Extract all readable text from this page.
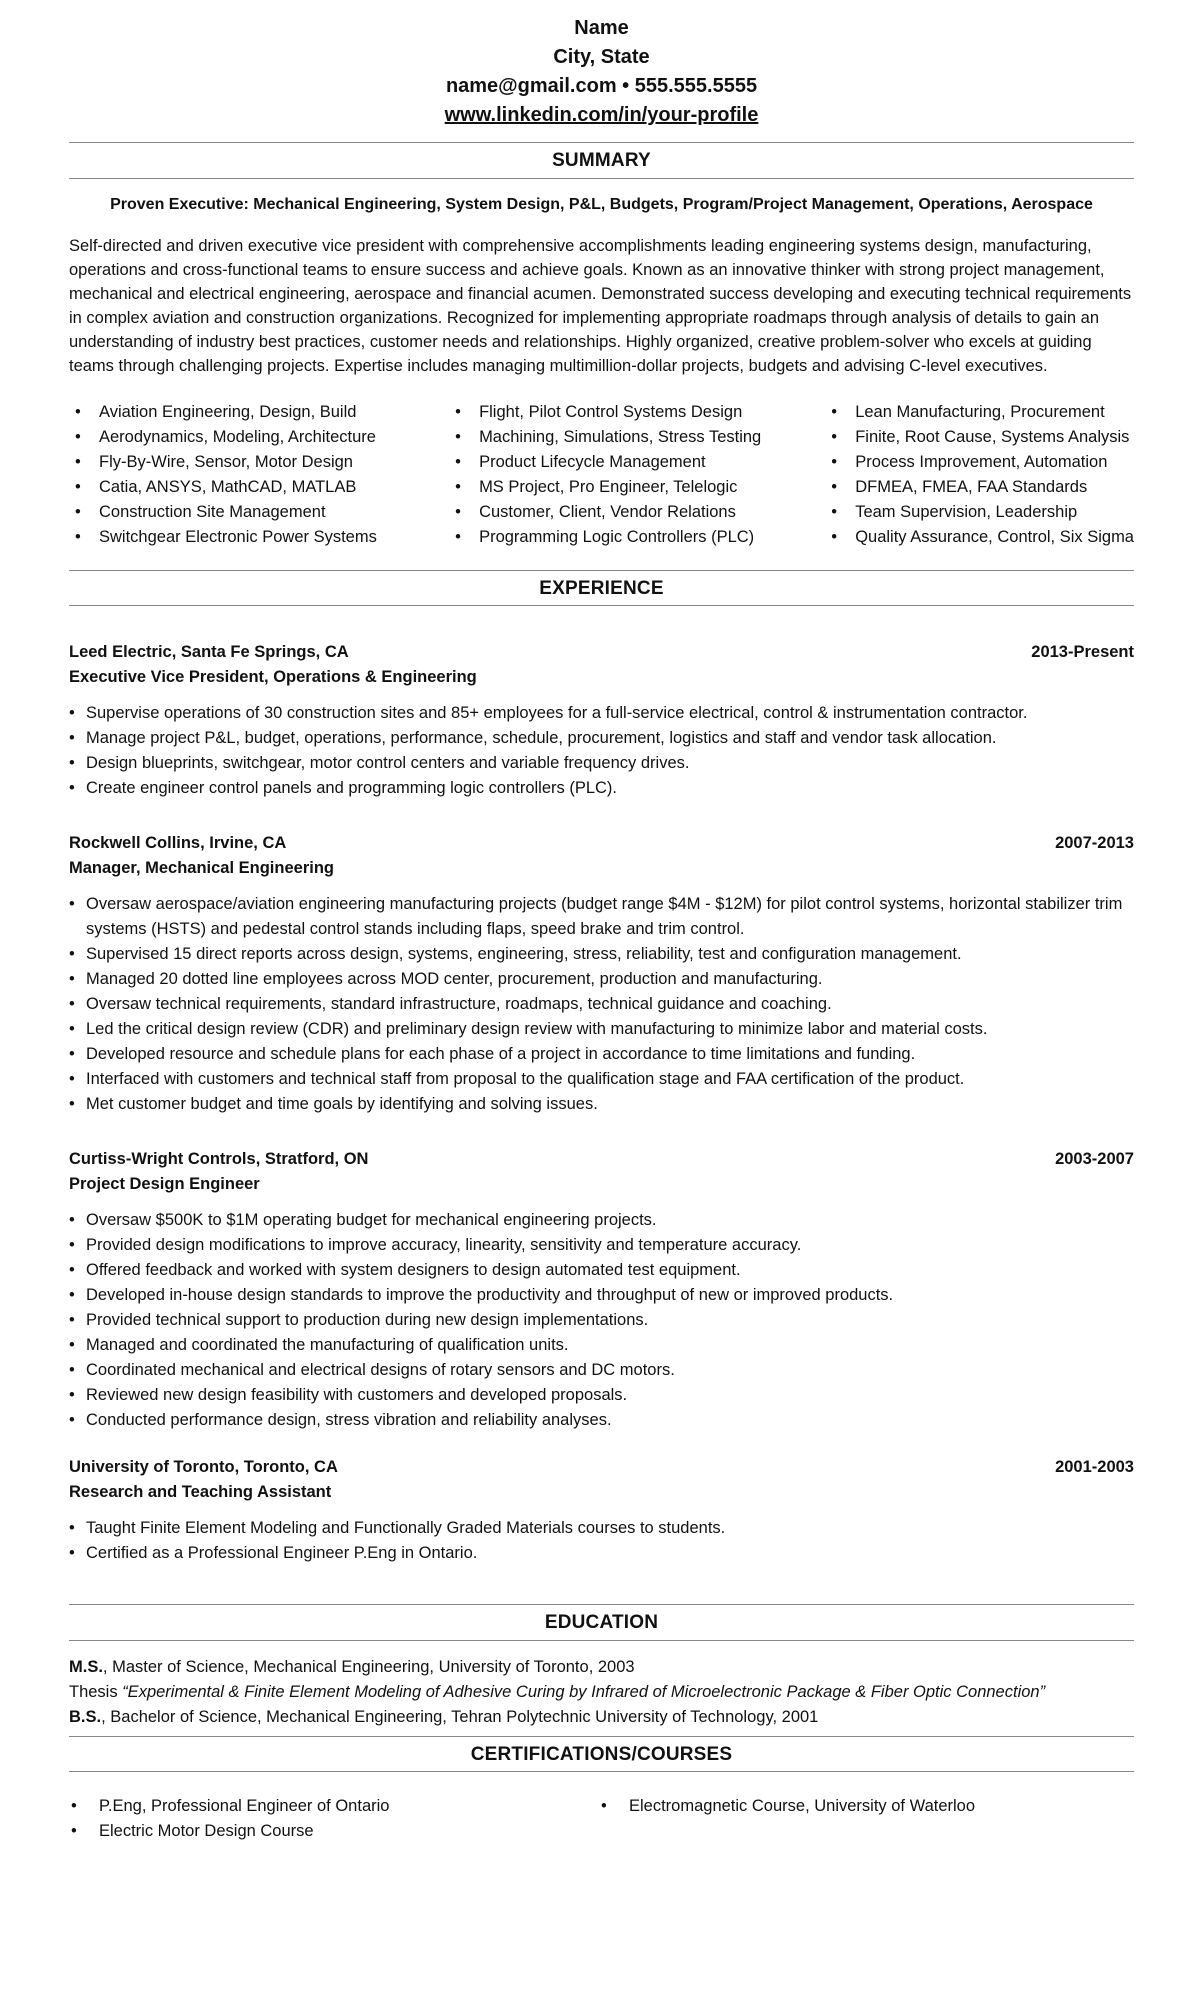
Name
City, State
name@gmail.com • 555.555.5555
www.linkedin.com/in/your-profile
SUMMARY
Proven Executive: Mechanical Engineering, System Design, P&L, Budgets, Program/Project Management, Operations, Aerospace
Self-directed and driven executive vice president with comprehensive accomplishments leading engineering systems design, manufacturing, operations and cross-functional teams to ensure success and achieve goals. Known as an innovative thinker with strong project management, mechanical and electrical engineering, aerospace and financial acumen. Demonstrated success developing and executing technical requirements in complex aviation and construction organizations. Recognized for implementing appropriate roadmaps through analysis of details to gain an understanding of industry best practices, customer needs and relationships. Highly organized, creative problem-solver who excels at guiding teams through challenging projects. Expertise includes managing multimillion-dollar projects, budgets and advising C-level executives.
• Aviation Engineering, Design, Build
• Aerodynamics, Modeling, Architecture
• Fly-By-Wire, Sensor, Motor Design
• Catia, ANSYS, MathCAD, MATLAB
• Construction Site Management
• Switchgear Electronic Power Systems
• Flight, Pilot Control Systems Design
• Machining, Simulations, Stress Testing
• Product Lifecycle Management
• MS Project, Pro Engineer, Telelogic
• Customer, Client, Vendor Relations
• Programming Logic Controllers (PLC)
• Lean Manufacturing, Procurement
• Finite, Root Cause, Systems Analysis
• Process Improvement, Automation
• DFMEA, FMEA, FAA Standards
• Team Supervision, Leadership
• Quality Assurance, Control, Six Sigma
EXPERIENCE
Leed Electric, Santa Fe Springs, CA	2013-Present
Executive Vice President, Operations & Engineering
• Supervise operations of 30 construction sites and 85+ employees for a full-service electrical, control & instrumentation contractor.
• Manage project P&L, budget, operations, performance, schedule, procurement, logistics and staff and vendor task allocation.
• Design blueprints, switchgear, motor control centers and variable frequency drives.
• Create engineer control panels and programming logic controllers (PLC).
Rockwell Collins, Irvine, CA	2007-2013
Manager, Mechanical Engineering
• Oversaw aerospace/aviation engineering manufacturing projects (budget range $4M - $12M) for pilot control systems, horizontal stabilizer trim systems (HSTS) and pedestal control stands including flaps, speed brake and trim control.
• Supervised 15 direct reports across design, systems, engineering, stress, reliability, test and configuration management.
• Managed 20 dotted line employees across MOD center, procurement, production and manufacturing.
• Oversaw technical requirements, standard infrastructure, roadmaps, technical guidance and coaching.
• Led the critical design review (CDR) and preliminary design review with manufacturing to minimize labor and material costs.
• Developed resource and schedule plans for each phase of a project in accordance to time limitations and funding.
• Interfaced with customers and technical staff from proposal to the qualification stage and FAA certification of the product.
• Met customer budget and time goals by identifying and solving issues.
Curtiss-Wright Controls, Stratford, ON	2003-2007
Project Design Engineer
• Oversaw $500K to $1M operating budget for mechanical engineering projects.
• Provided design modifications to improve accuracy, linearity, sensitivity and temperature accuracy.
• Offered feedback and worked with system designers to design automated test equipment.
• Developed in-house design standards to improve the productivity and throughput of new or improved products.
• Provided technical support to production during new design implementations.
• Managed and coordinated the manufacturing of qualification units.
• Coordinated mechanical and electrical designs of rotary sensors and DC motors.
• Reviewed new design feasibility with customers and developed proposals.
• Conducted performance design, stress vibration and reliability analyses.
University of Toronto, Toronto, CA	2001-2003
Research and Teaching Assistant
• Taught Finite Element Modeling and Functionally Graded Materials courses to students.
• Certified as a Professional Engineer P.Eng in Ontario.
EDUCATION
M.S., Master of Science, Mechanical Engineering, University of Toronto, 2003
Thesis “Experimental & Finite Element Modeling of Adhesive Curing by Infrared of Microelectronic Package & Fiber Optic Connection”
B.S., Bachelor of Science, Mechanical Engineering, Tehran Polytechnic University of Technology, 2001
CERTIFICATIONS/COURSES
• P.Eng, Professional Engineer of Ontario
• Electric Motor Design Course
• Electromagnetic Course, University of Waterloo
